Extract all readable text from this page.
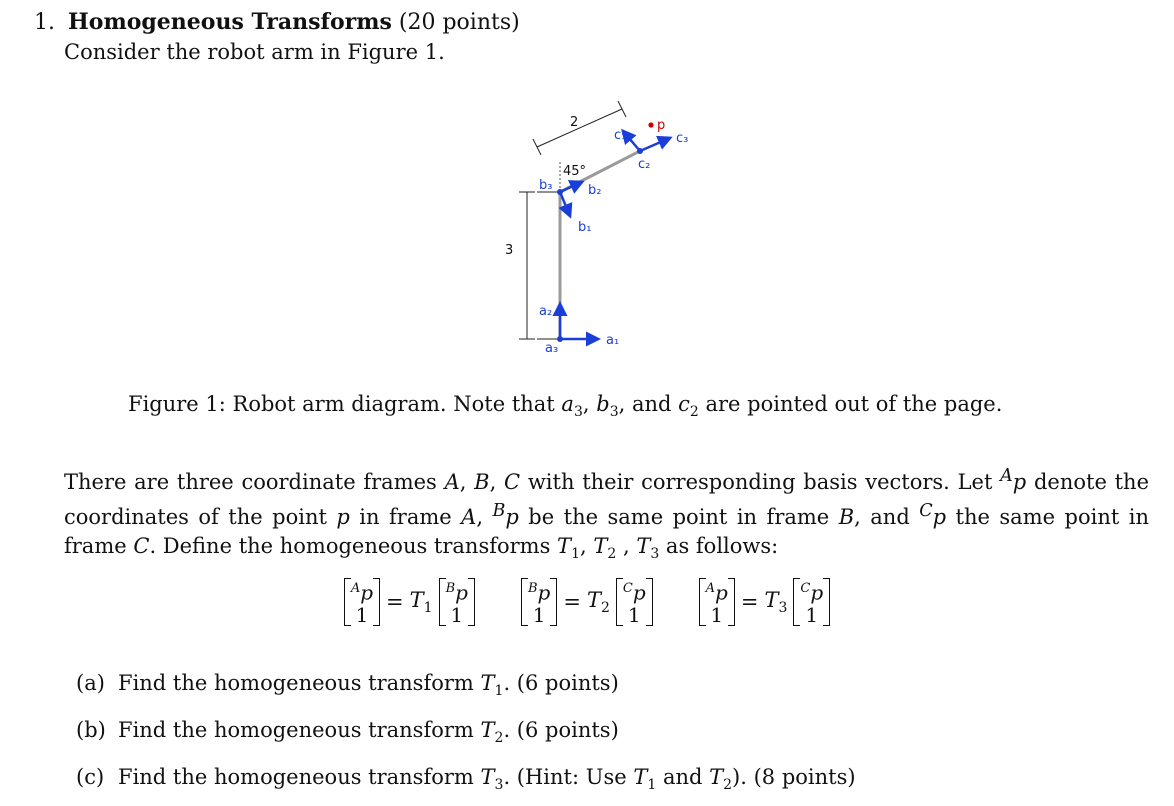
1. Homogeneous Transforms (20 points)
Consider the robot arm in Figure 1.
2
3
45°
a₁
a₂
a₃
b₁
b₂
b₃
c₁
c₂
c₃
p
Figure 1: Robot arm diagram. Note that $a_3$, $b_3$, and $c_2$ are pointed out of the page.
There are three coordinate frames A, B, C with their corresponding basis vectors. Let $^A$p denote the coordinates of the point p in frame A, $^B$p be the same point in frame B, and $^C$p the same point in frame C. Define the homogeneous transforms $T_1$, $T_2$ , $T_3$ as follows:
$^A$p
1
= $T_1$
$^B$p
1
$^B$p
1
= $T_2$
$^C$p
1
$^A$p
1
= $T_3$
$^C$p
1
(a) Find the homogeneous transform $T_1$. (6 points)
(b) Find the homogeneous transform $T_2$. (6 points)
(c) Find the homogeneous transform $T_3$. (Hint: Use $T_1$ and $T_2$). (8 points)
